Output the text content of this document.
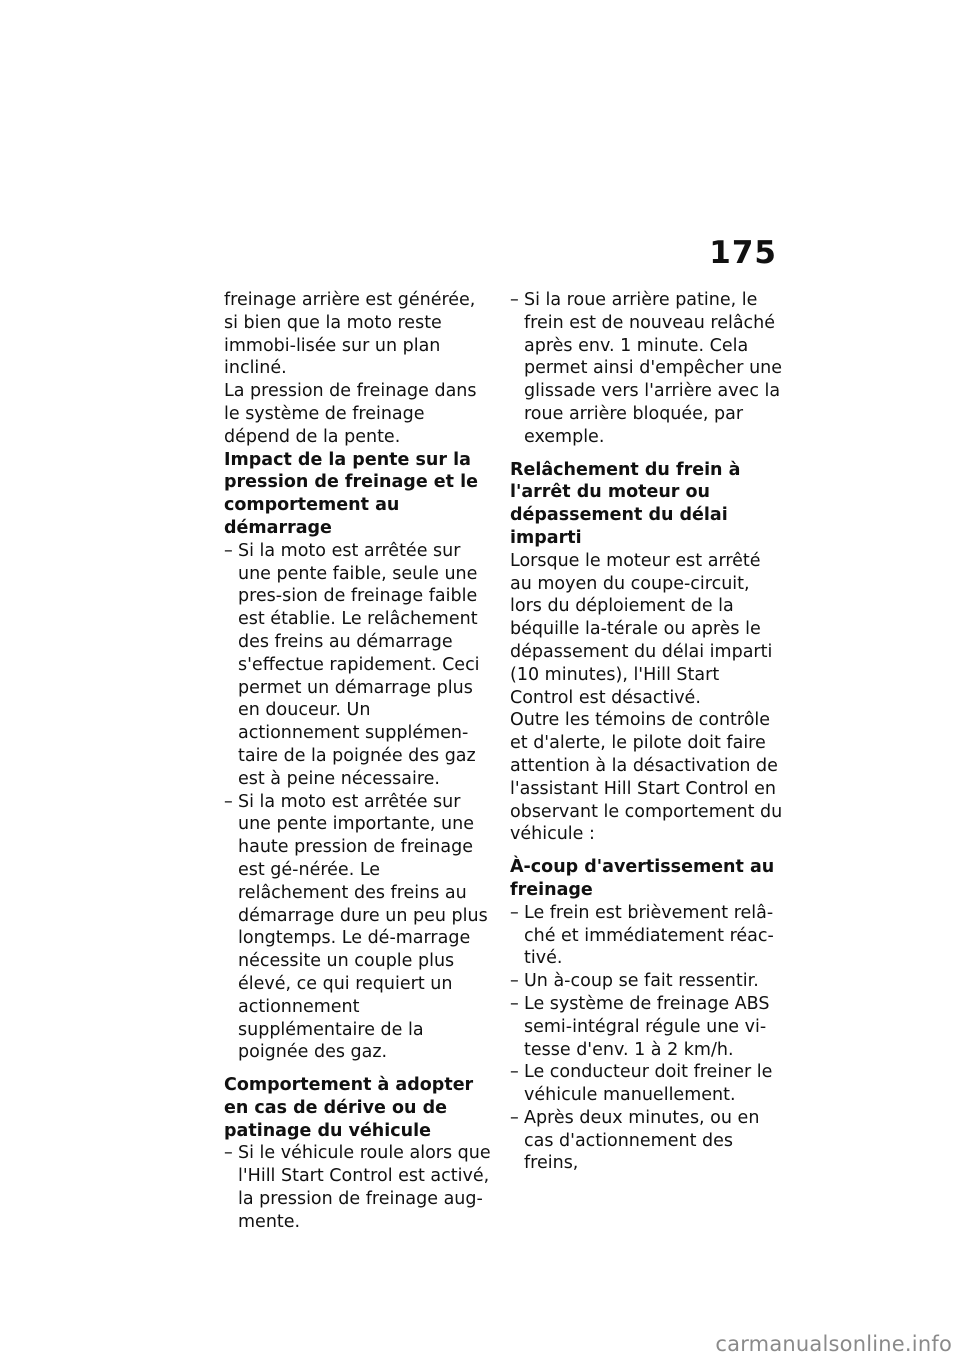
175

freinage arrière est générée, si bien que la moto reste immobi-lisée sur un plan incliné.

La pression de freinage dans le système de freinage dépend de la pente.

Impact de la pente sur la pression de freinage et le comportement au démarrage

– Si la moto est arrêtée sur une pente faible, seule une pres-sion de freinage faible est établie. Le relâchement des freins au démarrage s'effectue rapidement. Ceci permet un démarrage plus en douceur. Un actionnement supplémen-taire de la poignée des gaz est à peine nécessaire.
– Si la moto est arrêtée sur une pente importante, une haute pression de freinage est gé-nérée. Le relâchement des freins au démarrage dure un peu plus longtemps. Le dé-marrage nécessite un couple plus élevé, ce qui requiert un actionnement supplémentaire de la poignée des gaz.

Comportement à adopter en cas de dérive ou de patinage du véhicule

– Si le véhicule roule alors que l'Hill Start Control est activé, la pression de freinage aug-mente.
– Si la roue arrière patine, le frein est de nouveau relâché après env. 1 minute. Cela permet ainsi d'empêcher une glissade vers l'arrière avec la roue arrière bloquée, par exemple.

Relâchement du frein à l'arrêt du moteur ou dépassement du délai imparti

Lorsque le moteur est arrêté au moyen du coupe-circuit, lors du déploiement de la béquille la-térale ou après le dépassement du délai imparti (10 minutes), l'Hill Start Control est désactivé.

Outre les témoins de contrôle et d'alerte, le pilote doit faire attention à la désactivation de l'assistant Hill Start Control en observant le comportement du véhicule :

À-coup d'avertissement au freinage

– Le frein est brièvement relâ-ché et immédiatement réac-tivé.
– Un à-coup se fait ressentir.
– Le système de freinage ABS semi-intégral régule une vi-tesse d'env. 1 à 2 km/h.
– Le conducteur doit freiner le véhicule manuellement.
– Après deux minutes, ou en cas d'actionnement des freins,
carmanualsonline.info
